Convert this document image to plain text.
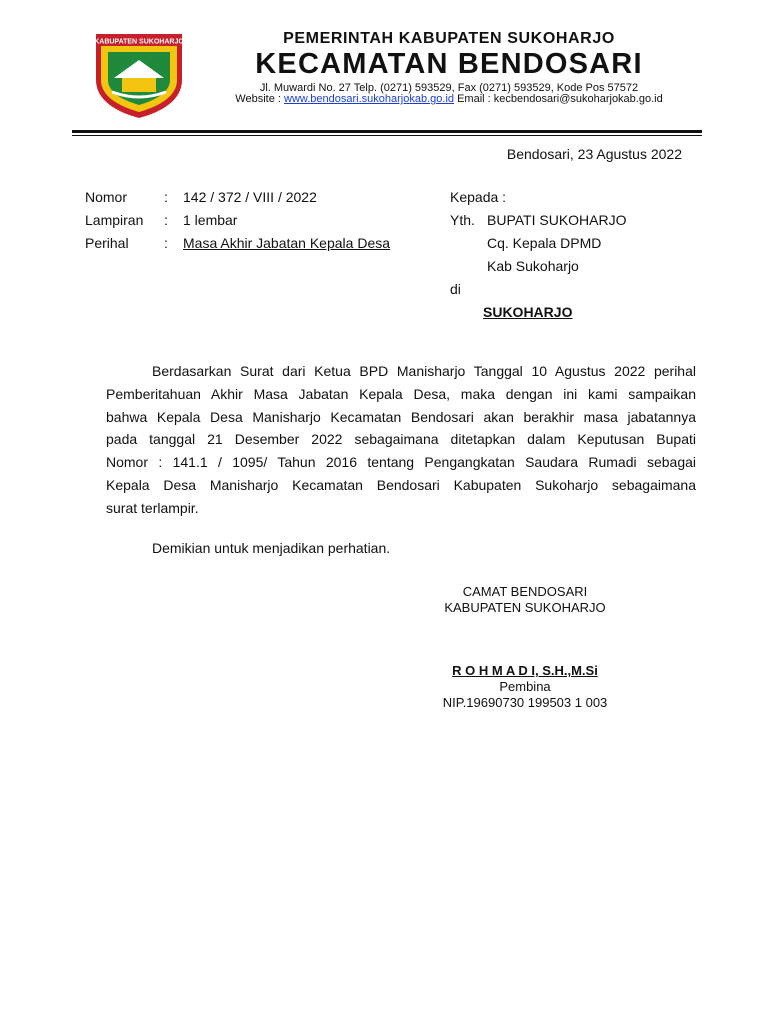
KABUPATEN SUKOHARJO	PEMERINTAH KABUPATEN SUKOHARJO
KECAMATAN BENDOSARI
Jl. Muwardi No. 27 Telp. (0271) 593529, Fax (0271) 593529, Kode Pos 57572
Website : www.bendosari.sukoharjokab.go.id Email : kecbendosari@sukoharjokab.go.id
Bendosari, 23 Agustus 2022
Nomor	: 142 / 372 / VIII / 2022
Lampiran : 1 lembar
Perihal	: Masa Akhir Jabatan Kepala Desa
Kepada :
Yth. BUPATI SUKOHARJO
Cq. Kepala DPMD
Kab Sukoharjo
di
SUKOHARJO
Berdasarkan Surat dari Ketua BPD Manisharjo Tanggal 10 Agustus 2022 perihal
Pemberitahuan Akhir Masa Jabatan Kepala Desa, maka dengan ini kami sampaikan
bahwa Kepala Desa Manisharjo Kecamatan Bendosari akan berakhir masa jabatannya
pada tanggal 21 Desember 2022 sebagaimana ditetapkan dalam Keputusan Bupati
Nomor : 141.1 / 1095/ Tahun 2016 tentang Pengangkatan Saudara Rumadi sebagai
Kepala Desa Manisharjo Kecamatan Bendosari Kabupaten Sukoharjo sebagaimana
surat terlampir.
Demikian untuk menjadikan perhatian.
CAMAT BENDOSARI
KABUPATEN SUKOHARJO
R O H M A D I, S.H.,M.Si
Pembina
NIP.19690730 199503 1 003
